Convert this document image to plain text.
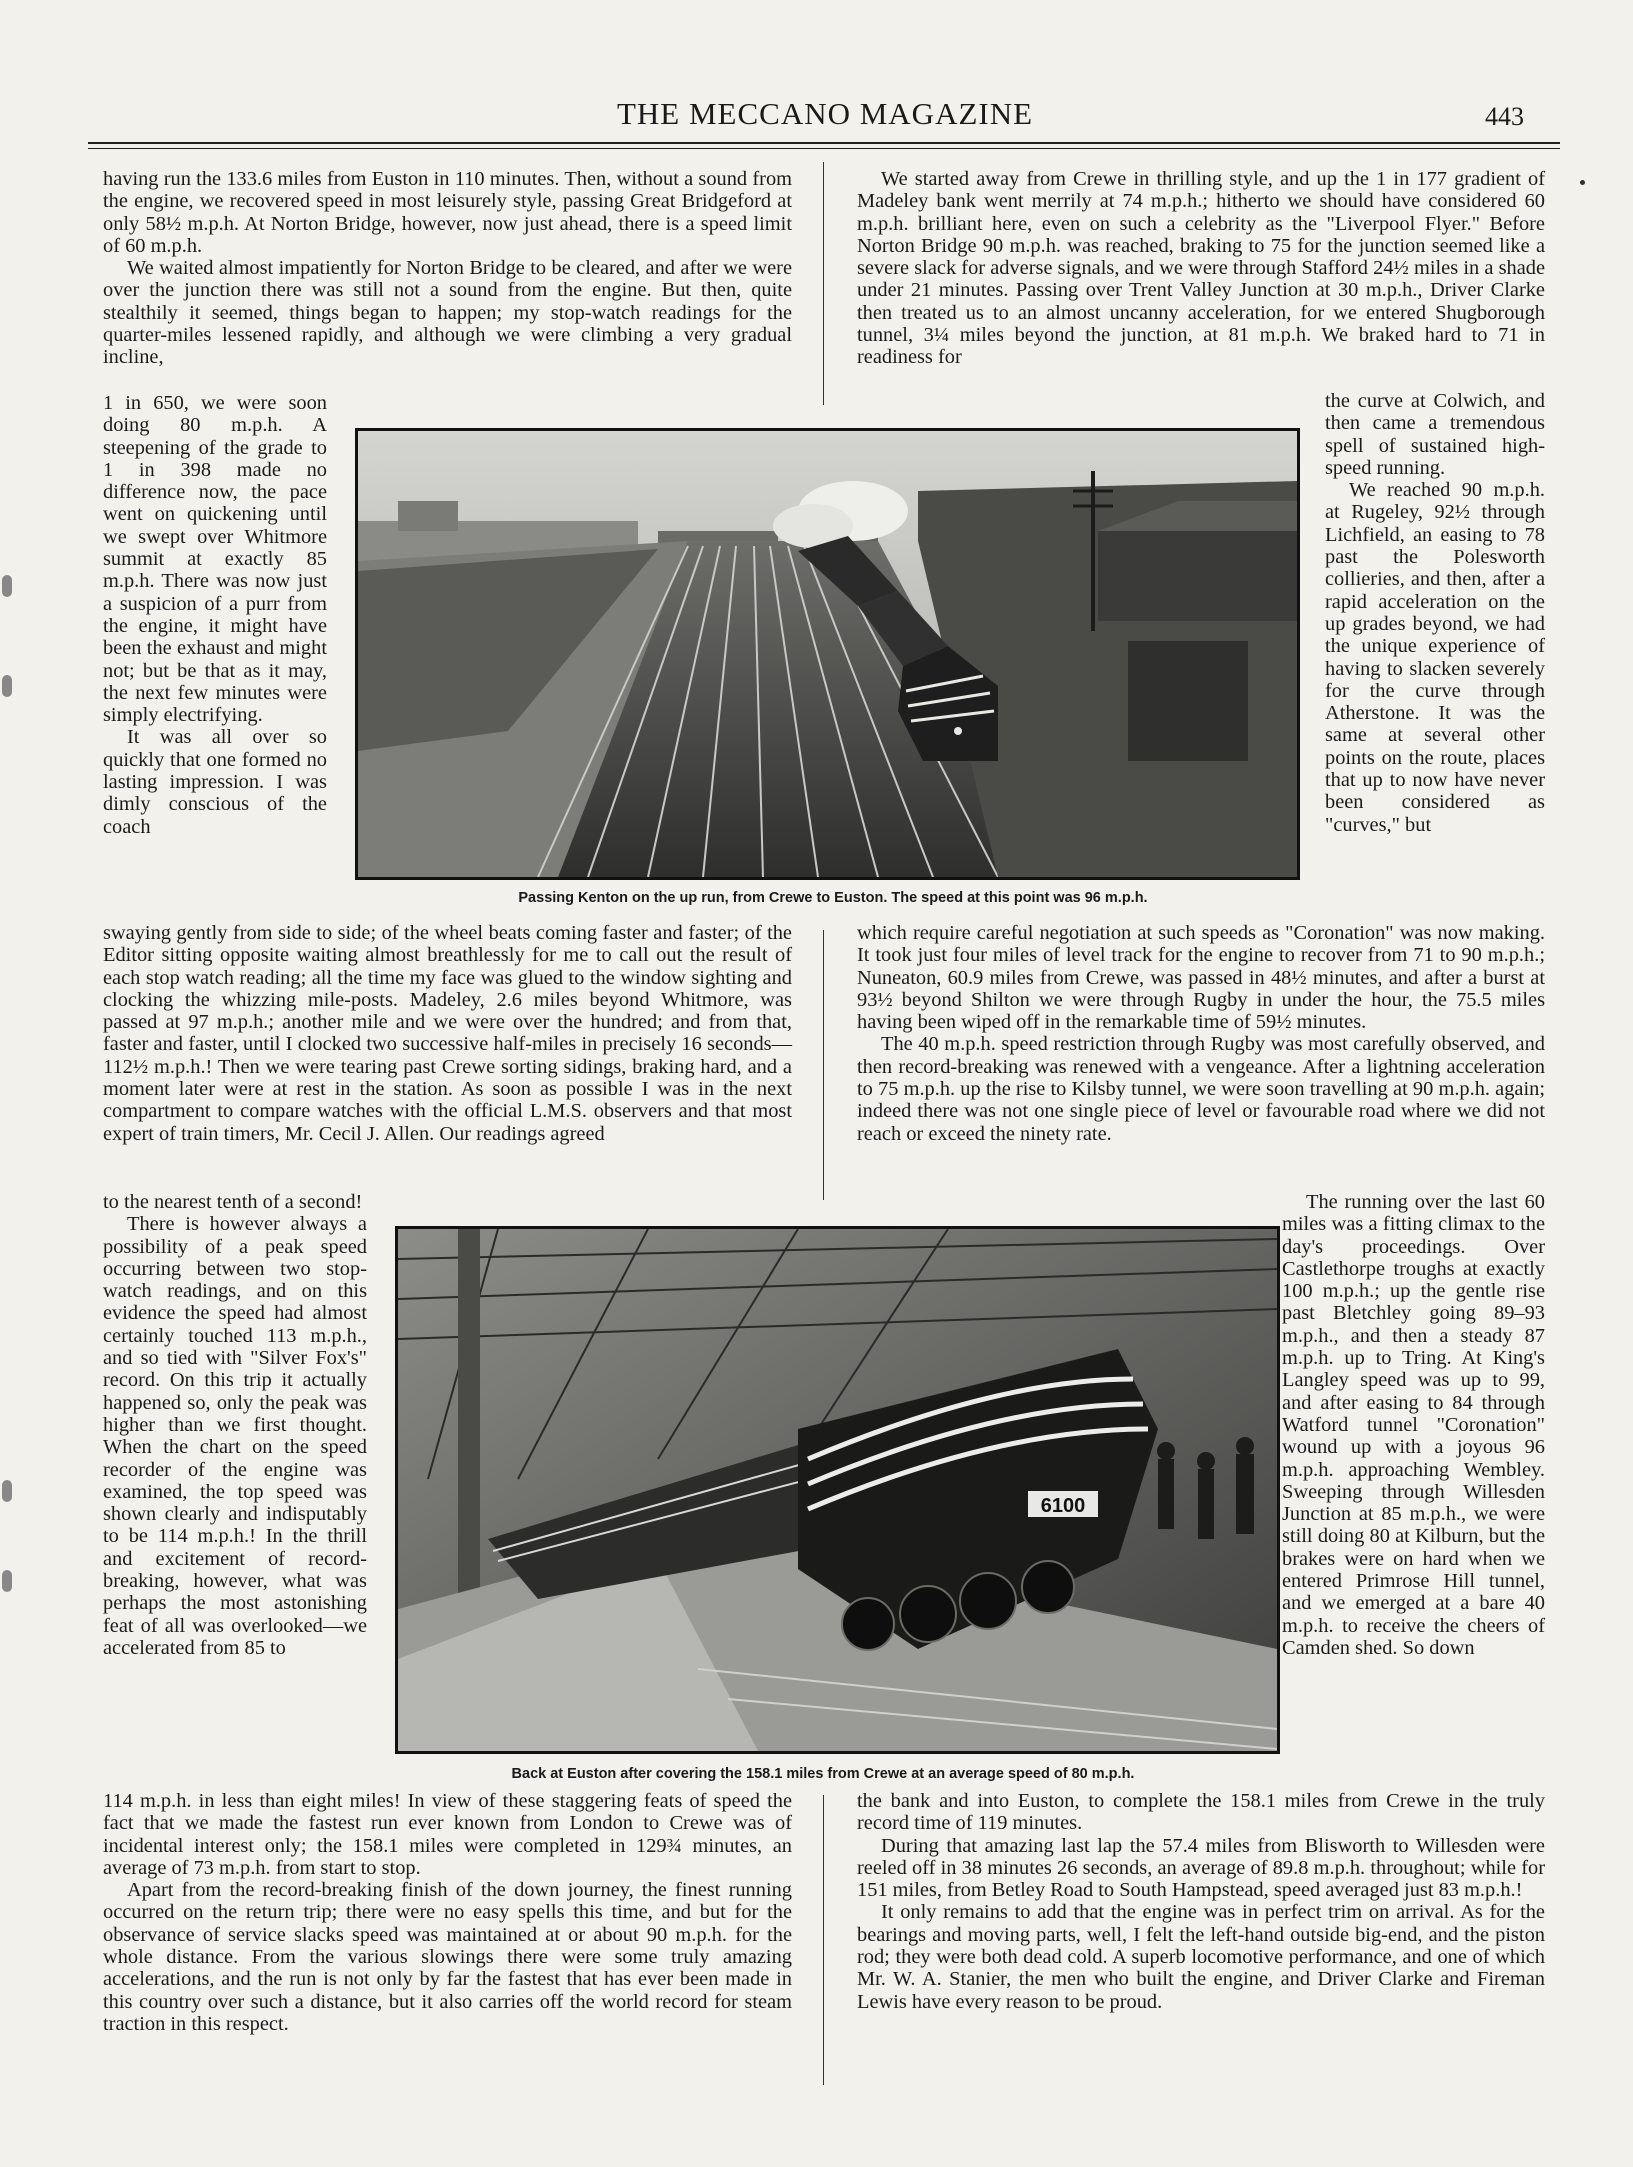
THE MECCANO MAGAZINE	443

having run the 133.6 miles from Euston in 110 minutes. Then, without a sound from the engine, we recovered speed in most leisurely style, passing Great Bridgeford at only 58½ m.p.h. At Norton Bridge, however, now just ahead, there is a speed limit of 60 m.p.h.

We waited almost impatiently for Norton Bridge to be cleared, and after we were over the junction there was still not a sound from the engine. But then, quite stealthily it seemed, things began to happen; my stop-watch readings for the quarter-miles lessened rapidly, and although we were climbing a very gradual incline,

1 in 650, we were soon doing 80 m.p.h. A steepening of the grade to 1 in 398 made no difference now, the pace went on quickening until we swept over Whitmore summit at exactly 85 m.p.h. There was now just a suspicion of a purr from the engine, it might have been the exhaust and might not; but be that as it may, the next few minutes were simply electrifying.

It was all over so quickly that one formed no lasting impression. I was dimly conscious of the coach

swaying gently from side to side; of the wheel beats coming faster and faster; of the Editor sitting opposite waiting almost breathlessly for me to call out the result of each stop watch reading; all the time my face was glued to the window sighting and clocking the whizzing mile-posts. Madeley, 2.6 miles beyond Whitmore, was passed at 97 m.p.h.; another mile and we were over the hundred; and from that, faster and faster, until I clocked two successive half-miles in precisely 16 seconds—112½ m.p.h.! Then we were tearing past Crewe sorting sidings, braking hard, and a moment later were at rest in the station. As soon as possible I was in the next compartment to compare watches with the official L.M.S. observers and that most expert of train timers, Mr. Cecil J. Allen. Our readings agreed

to the nearest tenth of a second!

There is however always a possibility of a peak speed occurring between two stop-watch readings, and on this evidence the speed had almost certainly touched 113 m.p.h., and so tied with "Silver Fox's" record. On this trip it actually happened so, only the peak was higher than we first thought. When the chart on the speed recorder of the engine was examined, the top speed was shown clearly and indisputably to be 114 m.p.h.! In the thrill and excitement of record-breaking, however, what was perhaps the most astonishing feat of all was overlooked—we accelerated from 85 to

114 m.p.h. in less than eight miles! In view of these staggering feats of speed the fact that we made the fastest run ever known from London to Crewe was of incidental interest only; the 158.1 miles were completed in 129¾ minutes, an average of 73 m.p.h. from start to stop.

Apart from the record-breaking finish of the down journey, the finest running occurred on the return trip; there were no easy spells this time, and but for the observance of service slacks speed was maintained at or about 90 m.p.h. for the whole distance. From the various slowings there were some truly amazing accelerations, and the run is not only by far the fastest that has ever been made in this country over such a distance, but it also carries off the world record for steam traction in this respect.

We started away from Crewe in thrilling style, and up the 1 in 177 gradient of Madeley bank went merrily at 74 m.p.h.; hitherto we should have considered 60 m.p.h. brilliant here, even on such a celebrity as the "Liverpool Flyer." Before Norton Bridge 90 m.p.h. was reached, braking to 75 for the junction seemed like a severe slack for adverse signals, and we were through Stafford 24½ miles in a shade under 21 minutes. Passing over Trent Valley Junction at 30 m.p.h., Driver Clarke then treated us to an almost uncanny acceleration, for we entered Shugborough tunnel, 3¼ miles beyond the junction, at 81 m.p.h. We braked hard to 71 in readiness for

the curve at Colwich, and then came a tremendous spell of sustained high-speed running.

We reached 90 m.p.h. at Rugeley, 92½ through Lichfield, an easing to 78 past the Polesworth collieries, and then, after a rapid acceleration on the up grades beyond, we had the unique experience of having to slacken severely for the curve through Atherstone. It was the same at several other points on the route, places that up to now have never been considered as "curves," but

which require careful negotiation at such speeds as "Coronation" was now making. It took just four miles of level track for the engine to recover from 71 to 90 m.p.h.; Nuneaton, 60.9 miles from Crewe, was passed in 48½ minutes, and after a burst at 93½ beyond Shilton we were through Rugby in under the hour, the 75.5 miles having been wiped off in the remarkable time of 59½ minutes.

The 40 m.p.h. speed restriction through Rugby was most carefully observed, and then record-breaking was renewed with a vengeance. After a lightning acceleration to 75 m.p.h. up the rise to Kilsby tunnel, we were soon travelling at 90 m.p.h. again; indeed there was not one single piece of level or favourable road where we did not reach or exceed the ninety rate.

The running over the last 60 miles was a fitting climax to the day's proceedings. Over Castlethorpe troughs at exactly 100 m.p.h.; up the gentle rise past Bletchley going 89–93 m.p.h., and then a steady 87 m.p.h. up to Tring. At King's Langley speed was up to 99, and after easing to 84 through Watford tunnel "Coronation" wound up with a joyous 96 m.p.h. approaching Wembley. Sweeping through Willesden Junction at 85 m.p.h., we were still doing 80 at Kilburn, but the brakes were on hard when we entered Primrose Hill tunnel, and we emerged at a bare 40 m.p.h. to receive the cheers of Camden shed. So down

the bank and into Euston, to complete the 158.1 miles from Crewe in the truly record time of 119 minutes.

During that amazing last lap the 57.4 miles from Blisworth to Willesden were reeled off in 38 minutes 26 seconds, an average of 89.8 m.p.h. throughout; while for 151 miles, from Betley Road to South Hampstead, speed averaged just 83 m.p.h.!

It only remains to add that the engine was in perfect trim on arrival. As for the bearings and moving parts, well, I felt the left-hand outside big-end, and the piston rod; they were both dead cold. A superb locomotive performance, and one of which Mr. W. A. Stanier, the men who built the engine, and Driver Clarke and Fireman Lewis have every reason to be proud.

Passing Kenton on the up run, from Crewe to Euston. The speed at this point was 96 m.p.h.
6100
Back at Euston after covering the 158.1 miles from Crewe at an average speed of 80 m.p.h.
